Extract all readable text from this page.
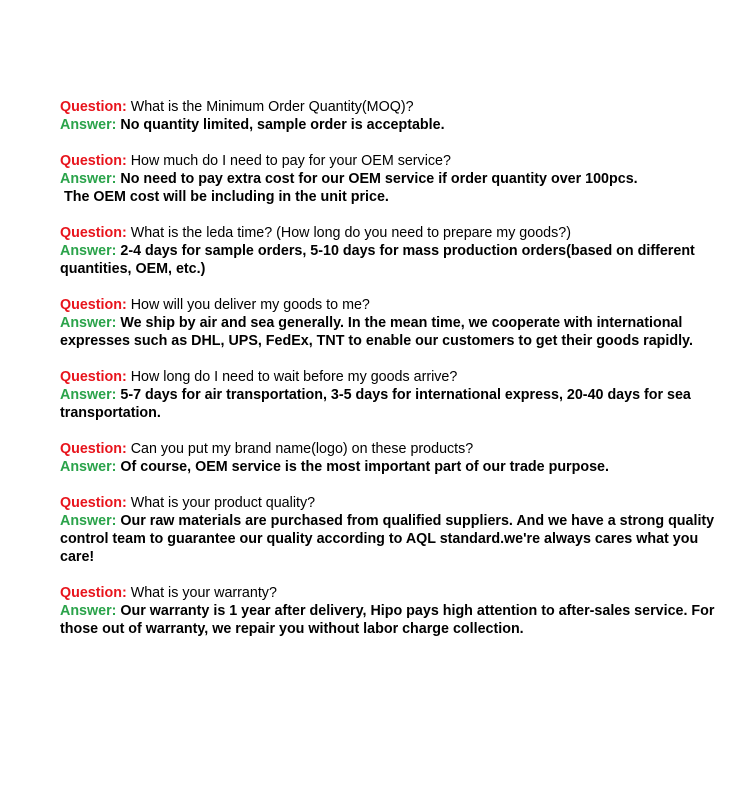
Question: What is the Minimum Order Quantity(MOQ)?
Answer: No quantity limited, sample order is acceptable.
Question: How much do I need to pay for your OEM service?
Answer: No need to pay extra cost for our OEM service if order quantity over 100pcs.
The OEM cost will be including in the unit price.
Question: What is the leda time? (How long do you need to prepare my goods?)
Answer: 2-4 days for sample orders, 5-10 days for mass production orders(based on different quantities, OEM, etc.)
Question: How will you deliver my goods to me?
Answer: We ship by air and sea generally. In the mean time, we cooperate with international expresses such as DHL, UPS, FedEx, TNT to enable our customers to get their goods rapidly.
Question: How long do I need to wait before my goods arrive?
Answer: 5-7 days for air transportation, 3-5 days for international express, 20-40 days for sea transportation.
Question: Can you put my brand name(logo) on these products?
Answer: Of course, OEM service is the most important part of our trade purpose.
Question: What is your product quality?
Answer: Our raw materials are purchased from qualified suppliers. And we have a strong quality control team to guarantee our quality according to AQL standard.we're always cares what you care!
Question: What is your warranty?
Answer: Our warranty is 1 year after delivery, Hipo pays high attention to after-sales service. For those out of warranty, we repair you without labor charge collection.
